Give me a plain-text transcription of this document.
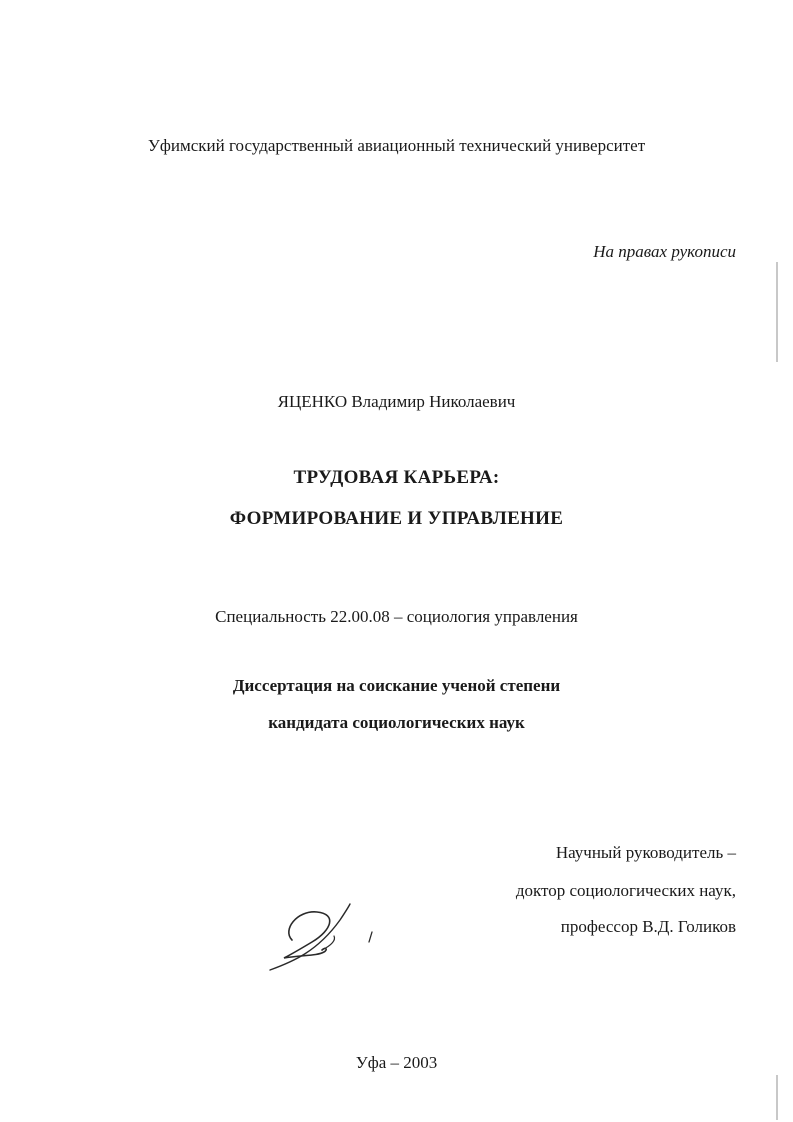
Уфимский государственный авиационный технический университет
На правах рукописи
ЯЦЕНКО Владимир Николаевич
ТРУДОВАЯ КАРЬЕРА:
ФОРМИРОВАНИЕ И УПРАВЛЕНИЕ
Специальность 22.00.08 – социология управления
Диссертация на соискание ученой степени
кандидата социологических наук
Научный руководитель –
доктор социологических наук,
профессор В.Д. Голиков
Уфа – 2003
